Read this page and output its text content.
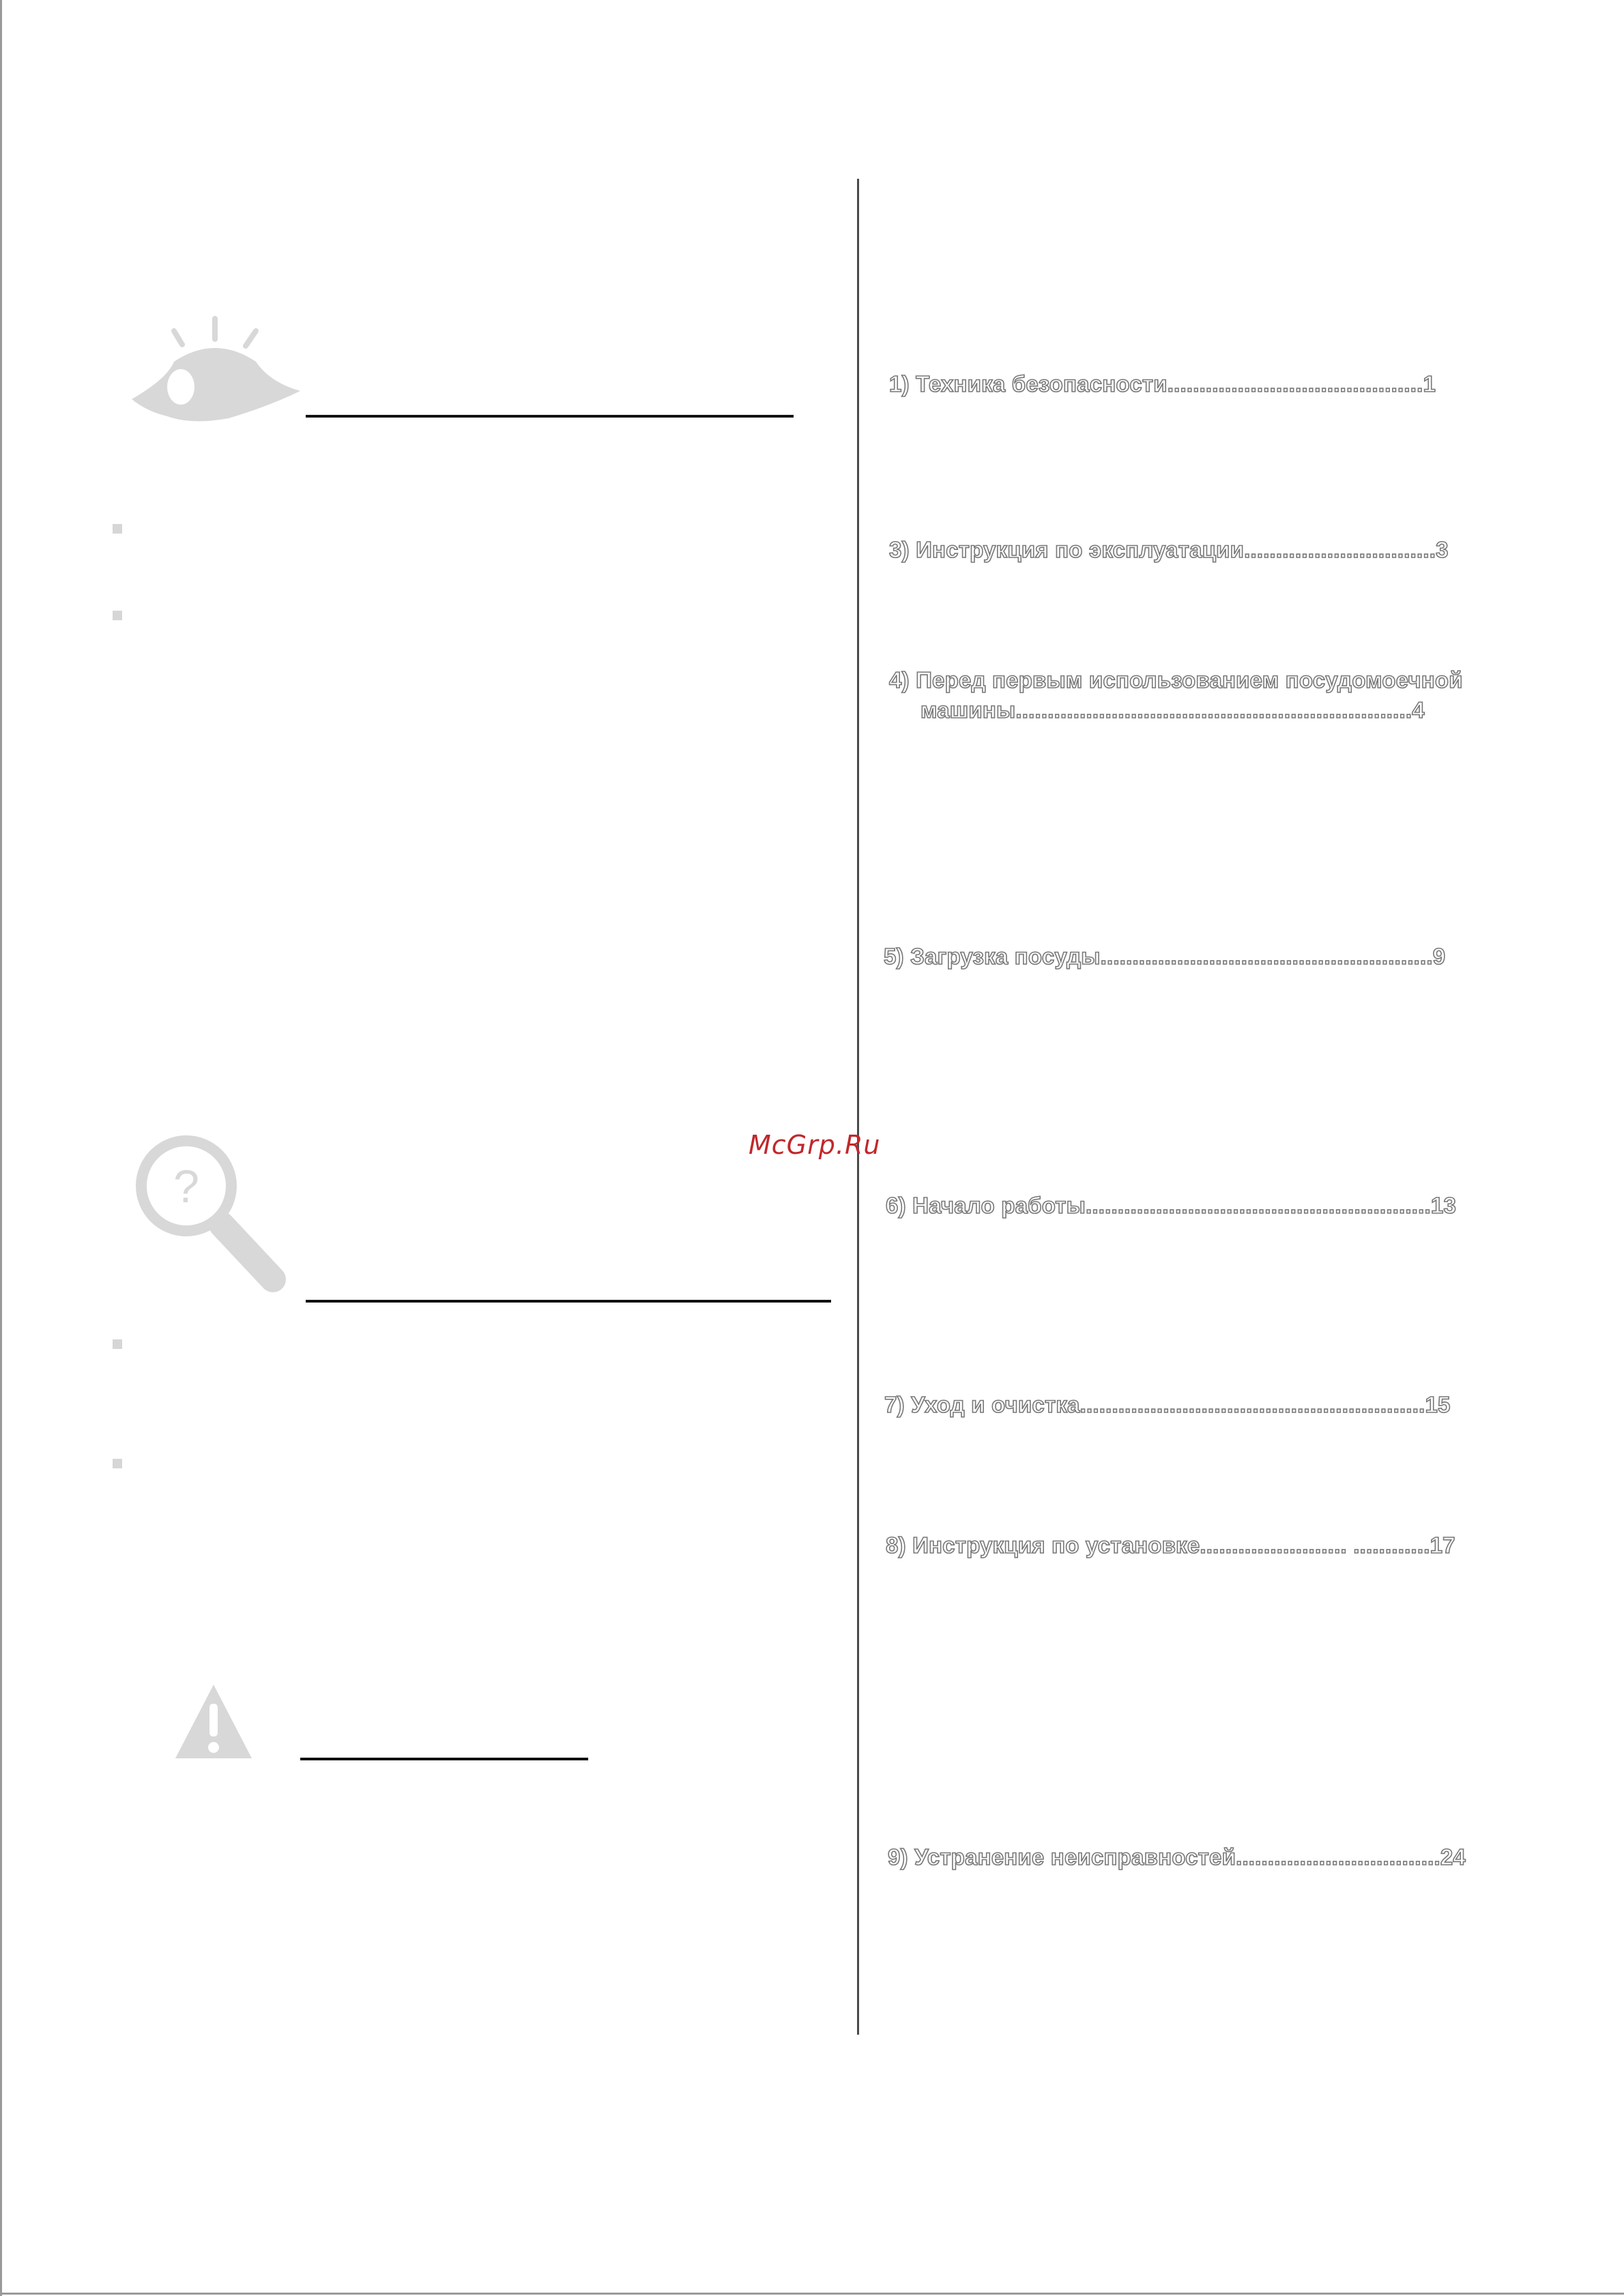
?
1) Техника безопасности........................................1
3) Инструкция по эксплуатации..............................3
4) Перед первым использованием посудомоечной
машины..............................................................4
5) Загрузка посуды....................................................9
6) Начало работы......................................................13
7) Уход и очистка......................................................15
8) Инструкция по установке....................... ............17
9) Устранение неисправностей................................24
McGrp.Ru
